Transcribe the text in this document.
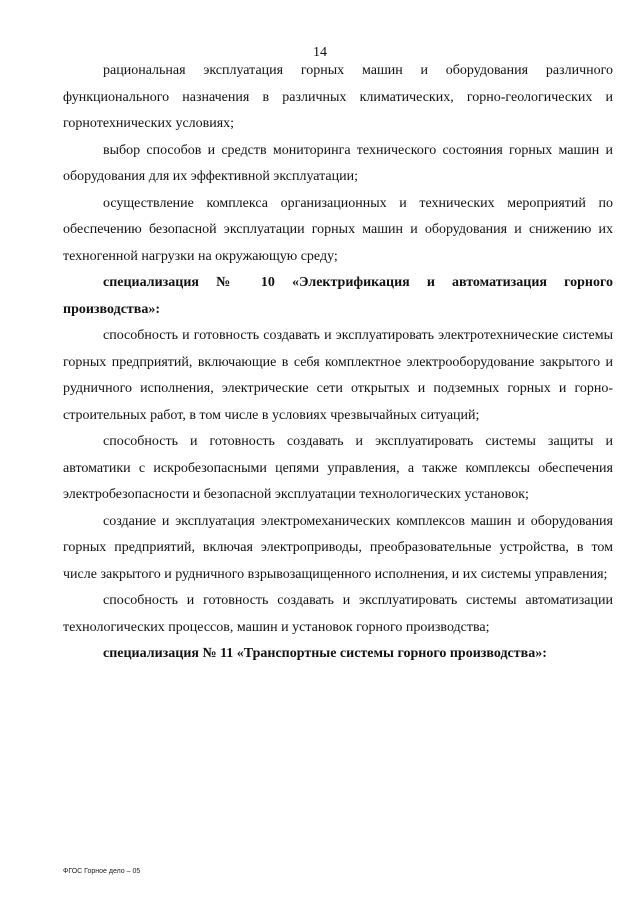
14

рациональная эксплуатация горных машин и оборудования различного функционального назначения в различных климатических, горно-геологических и горнотехнических условиях;

выбор способов и средств мониторинга технического состояния горных машин и оборудования для их эффективной эксплуатации;

осуществление комплекса организационных и технических мероприятий по обеспечению безопасной эксплуатации горных машин и оборудования и снижению их техногенной нагрузки на окружающую среду;

специализация № 10 «Электрификация и автоматизация горного производства»:

способность и готовность создавать и эксплуатировать электротехнические системы горных предприятий, включающие в себя комплектное электрооборудование закрытого и рудничного исполнения, электрические сети открытых и подземных горных и горно-строительных работ, в том числе в условиях чрезвычайных ситуаций;

способность и готовность создавать и эксплуатировать системы защиты и автоматики с искробезопасными цепями управления, а также комплексы обеспечения электробезопасности и безопасной эксплуатации технологических установок;

создание и эксплуатация электромеханических комплексов машин и оборудования горных предприятий, включая электроприводы, преобразовательные устройства, в том числе закрытого и рудничного взрывозащищенного исполнения, и их системы управления;

способность и готовность создавать и эксплуатировать системы автоматизации технологических процессов, машин и установок горного производства;

специализация № 11 «Транспортные системы горного производства»:

ФГОС Горное дело – 05
